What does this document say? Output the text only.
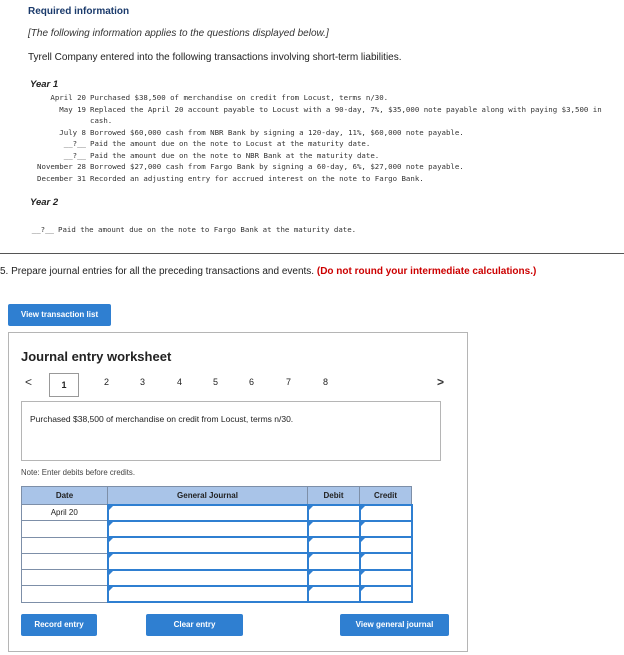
Required information
[The following information applies to the questions displayed below.]
Tyrell Company entered into the following transactions involving short-term liabilities.
Year 1
April 20	Purchased $38,500 of merchandise on credit from Locust, terms n/30.
May 19	Replaced the April 20 account payable to Locust with a 90-day, 7%, $35,000 note payable along with paying $3,500 in cash.
July 8	Borrowed $60,000 cash from NBR Bank by signing a 120-day, 11%, $60,000 note payable.
__?__	Paid the amount due on the note to Locust at the maturity date.
__?__	Paid the amount due on the note to NBR Bank at the maturity date.
November 28	Borrowed $27,000 cash from Fargo Bank by signing a 60-day, 6%, $27,000 note payable.
December 31	Recorded an adjusting entry for accrued interest on the note to Fargo Bank.
Year 2
__?__	Paid the amount due on the note to Fargo Bank at the maturity date.
5. Prepare journal entries for all the preceding transactions and events. (Do not round your intermediate calculations.)
View transaction list
Journal entry worksheet
<	1	2	3	4	5	6	7	8	>
Purchased $38,500 of merchandise on credit from Locust, terms n/30.
Note: Enter debits before credits.
Date	General Journal	Debit	Credit
April 20			

Record entry	Clear entry	View general journal
